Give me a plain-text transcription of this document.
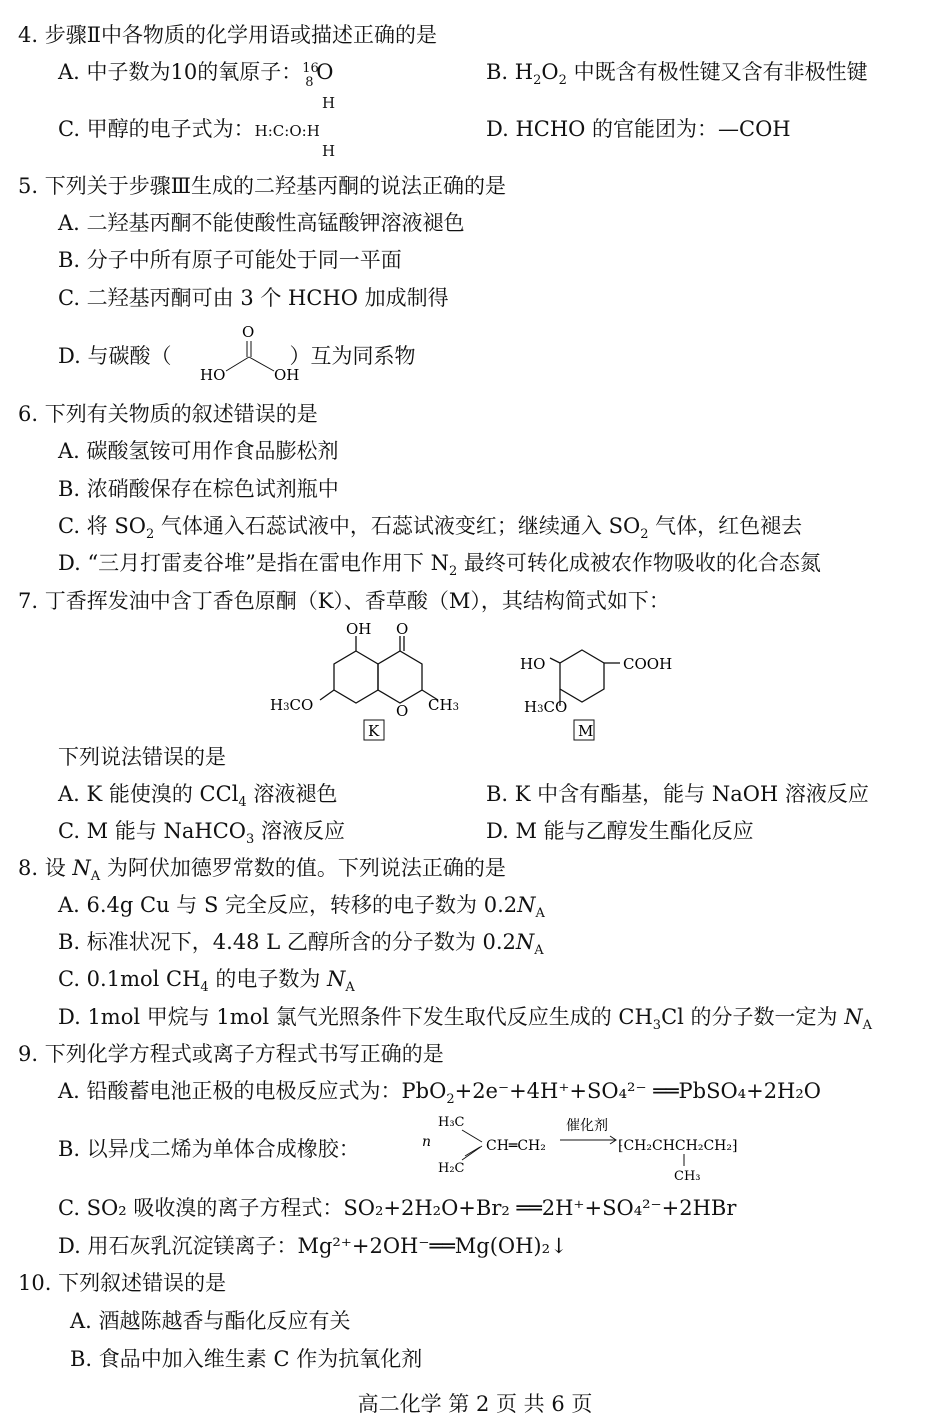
4. 步骤Ⅱ中各物质的化学用语或描述正确的是
A. 中子数为10的氧原子： 16
8 O	B. $H_2O_2$ 中既含有极性键又含有非极性键
C. 甲醇的电子式为：H:C:O:H
H
H
D. HCHO 的官能团为：—COH
5. 下列关于步骤Ⅲ生成的二羟基丙酮的说法正确的是
A. 二羟基丙酮不能使酸性高锰酸钾溶液褪色
B. 分子中所有原子可能处于同一平面
C. 二羟基丙酮可由 3 个 HCHO 加成制得
D. 与碳酸（	）互为同系物
O
HO	OH
6. 下列有关物质的叙述错误的是
A. 碳酸氢铵可用作食品膨松剂
B. 浓硝酸保存在棕色试剂瓶中
C. 将 $SO_2$ 气体通入石蕊试液中，石蕊试液变红；继续通入 $SO_2$ 气体，红色褪去
D. “三月打雷麦谷堆”是指在雷电作用下 $N_2$ 最终可转化成被农作物吸收的化合态氮
7. 丁香挥发油中含丁香色原酮（K）、香草酸（M），其结构简式如下：
OH O
O
H3CO	CH3
K
HO	COOH
H3CO
M
下列说法错误的是
A. K 能使溴的 CCl$_4$ 溶液褪色	B. K 中含有酯基，能与 NaOH 溶液反应
C. M 能与 NaHCO$_3$ 溶液反应	D. M 能与乙醇发生酯化反应
8. 设 $N_A$ 为阿伏加德罗常数的值。下列说法正确的是
A. 6.4g Cu 与 S 完全反应，转移的电子数为 $0.2N_A$
B. 标准状况下，4.48 L 乙醇所含的分子数为 $0.2N_A$
C. 0.1mol $CH_4$ 的电子数为 $N_A$
D. 1mol 甲烷与 1mol 氯气光照条件下发生取代反应生成的 $CH_3Cl$ 的分子数一定为 $N_A$
9. 下列化学方程式或离子方程式书写正确的是
A. 铅酸蓄电池正极的电极反应式为：PbO$_2$+2e⁻+4H⁺+SO₄²⁻ ══PbSO₄+2H₂O
B. 以异戊二烯为单体合成橡胶：	n
H₃C
H₂C
CH═CH₂
催化剂
⁅CH₂CHCH₂CH₂⁆
CH₃
C. SO₂ 吸收溴的离子方程式：SO₂+2H₂O+Br₂ ══2H⁺+SO₄²⁻+2HBr
D. 用石灰乳沉淀镁离子：Mg²⁺+2OH⁻══Mg(OH)₂↓
10. 下列叙述错误的是
A. 酒越陈越香与酯化反应有关
B. 食品中加入维生素 C 作为抗氧化剂
高二化学 第 2 页 共 6 页
